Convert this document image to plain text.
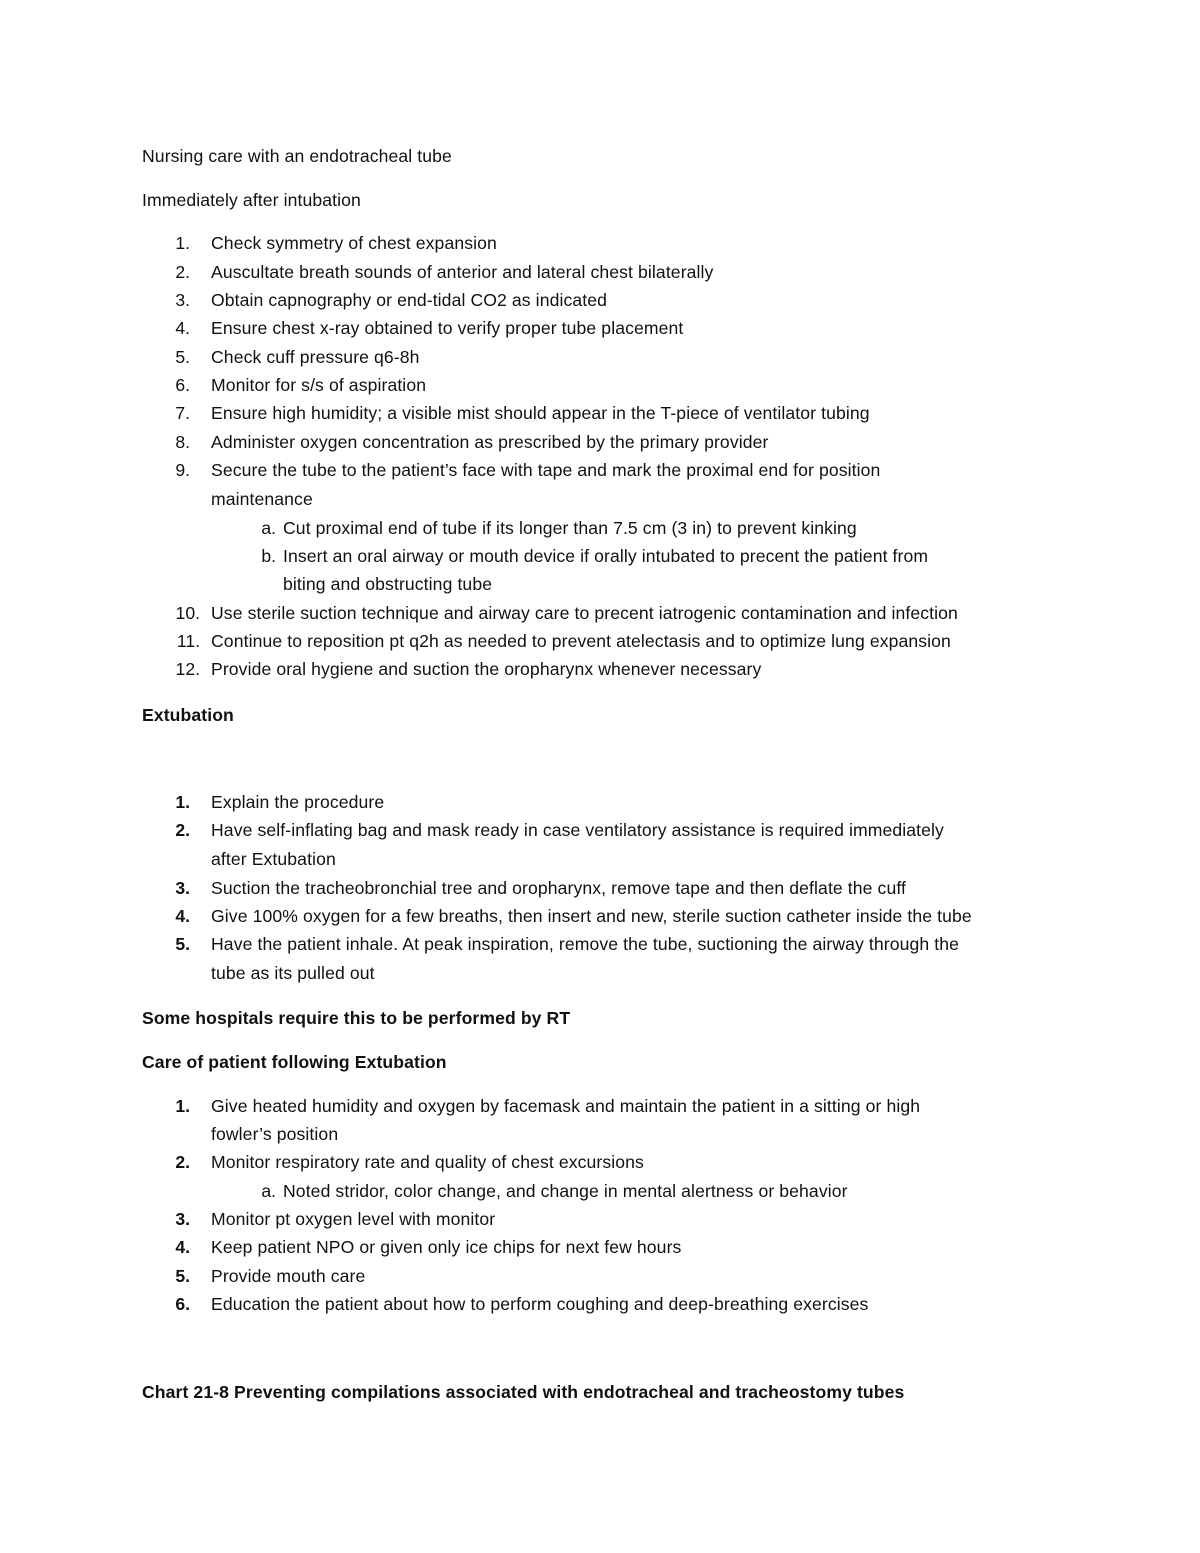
Nursing care with an endotracheal tube
Immediately after intubation
1. Check symmetry of chest expansion
2. Auscultate breath sounds of anterior and lateral chest bilaterally
3. Obtain capnography or end-tidal CO2 as indicated
4. Ensure chest x-ray obtained to verify proper tube placement
5. Check cuff pressure q6-8h
6. Monitor for s/s of aspiration
7. Ensure high humidity; a visible mist should appear in the T-piece of ventilator tubing
8. Administer oxygen concentration as prescribed by the primary provider
9. Secure the tube to the patient’s face with tape and mark the proximal end for position
maintenance
a. Cut proximal end of tube if its longer than 7.5 cm (3 in) to prevent kinking
b. Insert an oral airway or mouth device if orally intubated to precent the patient from
biting and obstructing tube
10. Use sterile suction technique and airway care to precent iatrogenic contamination and infection
11. Continue to reposition pt q2h as needed to prevent atelectasis and to optimize lung expansion
12. Provide oral hygiene and suction the oropharynx whenever necessary
Extubation
1. Explain the procedure
2. Have self-inflating bag and mask ready in case ventilatory assistance is required immediately
after Extubation
3. Suction the tracheobronchial tree and oropharynx, remove tape and then deflate the cuff
4. Give 100% oxygen for a few breaths, then insert and new, sterile suction catheter inside the tube
5. Have the patient inhale. At peak inspiration, remove the tube, suctioning the airway through the
tube as its pulled out
Some hospitals require this to be performed by RT
Care of patient following Extubation
1. Give heated humidity and oxygen by facemask and maintain the patient in a sitting or high
fowler’s position
2. Monitor respiratory rate and quality of chest excursions
a. Noted stridor, color change, and change in mental alertness or behavior
3. Monitor pt oxygen level with monitor
4. Keep patient NPO or given only ice chips for next few hours
5. Provide mouth care
6. Education the patient about how to perform coughing and deep-breathing exercises
Chart 21-8 Preventing compilations associated with endotracheal and tracheostomy tubes
